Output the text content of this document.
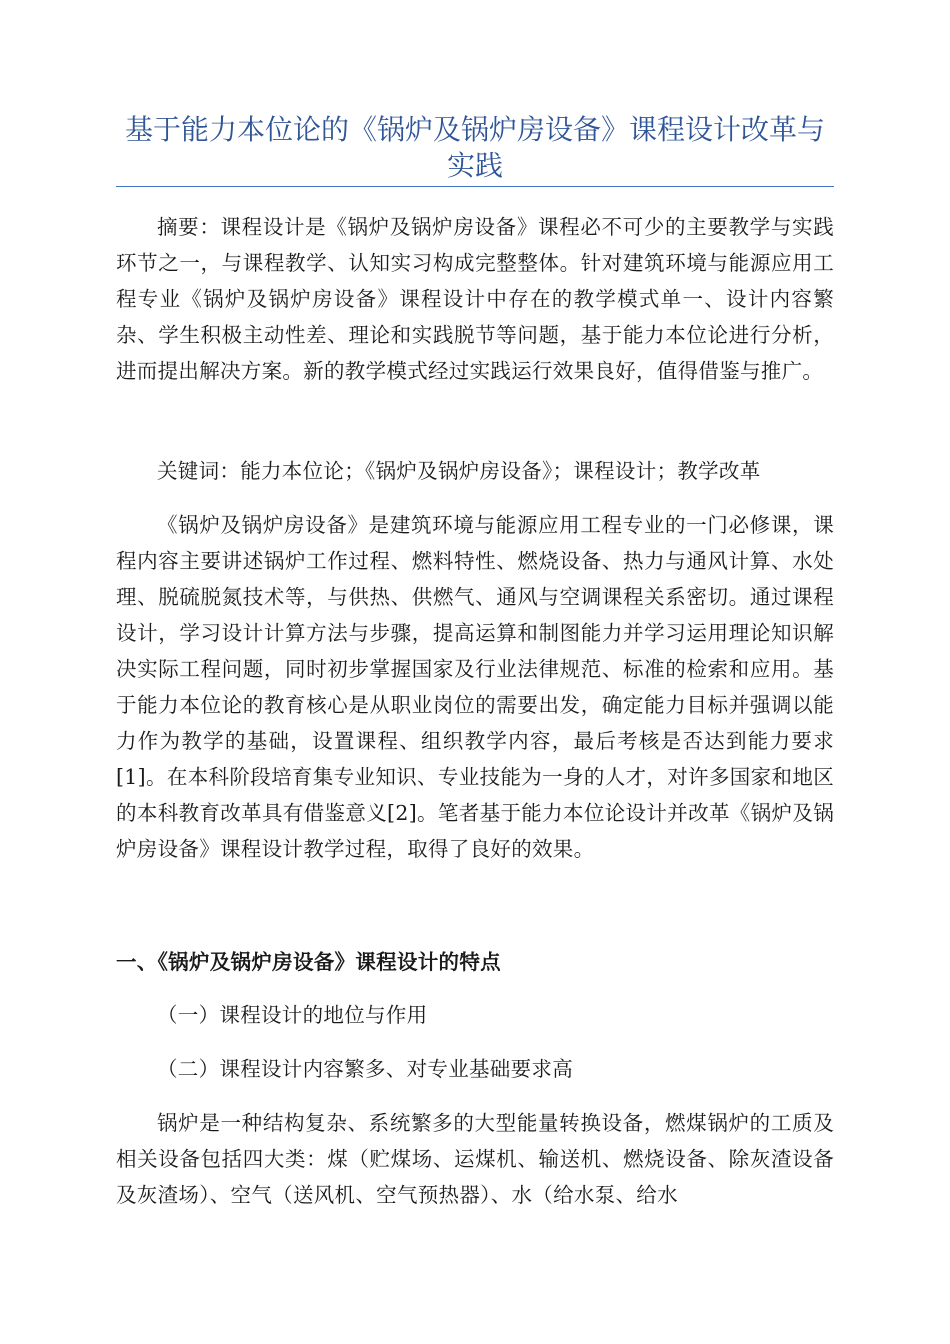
基于能力本位论的《锅炉及锅炉房设备》课程设计改革与实践

摘要：课程设计是《锅炉及锅炉房设备》课程必不可少的主要教学与实践环节之一，与课程教学、认知实习构成完整整体。针对建筑环境与能源应用工程专业《锅炉及锅炉房设备》课程设计中存在的教学模式单一、设计内容繁杂、学生积极主动性差、理论和实践脱节等问题，基于能力本位论进行分析，进而提出解决方案。新的教学模式经过实践运行效果良好，值得借鉴与推广。

关键词：能力本位论；《锅炉及锅炉房设备》；课程设计；教学改革

《锅炉及锅炉房设备》是建筑环境与能源应用工程专业的一门必修课，课程内容主要讲述锅炉工作过程、燃料特性、燃烧设备、热力与通风计算、水处理、脱硫脱氮技术等，与供热、供燃气、通风与空调课程关系密切。通过课程设计，学习设计计算方法与步骤，提高运算和制图能力并学习运用理论知识解决实际工程问题，同时初步掌握国家及行业法律规范、标准的检索和应用。基于能力本位论的教育核心是从职业岗位的需要出发，确定能力目标并强调以能力作为教学的基础，设置课程、组织教学内容，最后考核是否达到能力要求[1]。在本科阶段培育集专业知识、专业技能为一身的人才，对许多国家和地区的本科教育改革具有借鉴意义[2]。笔者基于能力本位论设计并改革《锅炉及锅炉房设备》课程设计教学过程，取得了良好的效果。

一、《锅炉及锅炉房设备》课程设计的特点

（一）课程设计的地位与作用

（二）课程设计内容繁多、对专业基础要求高

锅炉是一种结构复杂、系统繁多的大型能量转换设备，燃煤锅炉的工质及相关设备包括四大类：煤（贮煤场、运煤机、输送机、燃烧设备、除灰渣设备及灰渣场）、空气（送风机、空气预热器）、水（给水泵、给水
